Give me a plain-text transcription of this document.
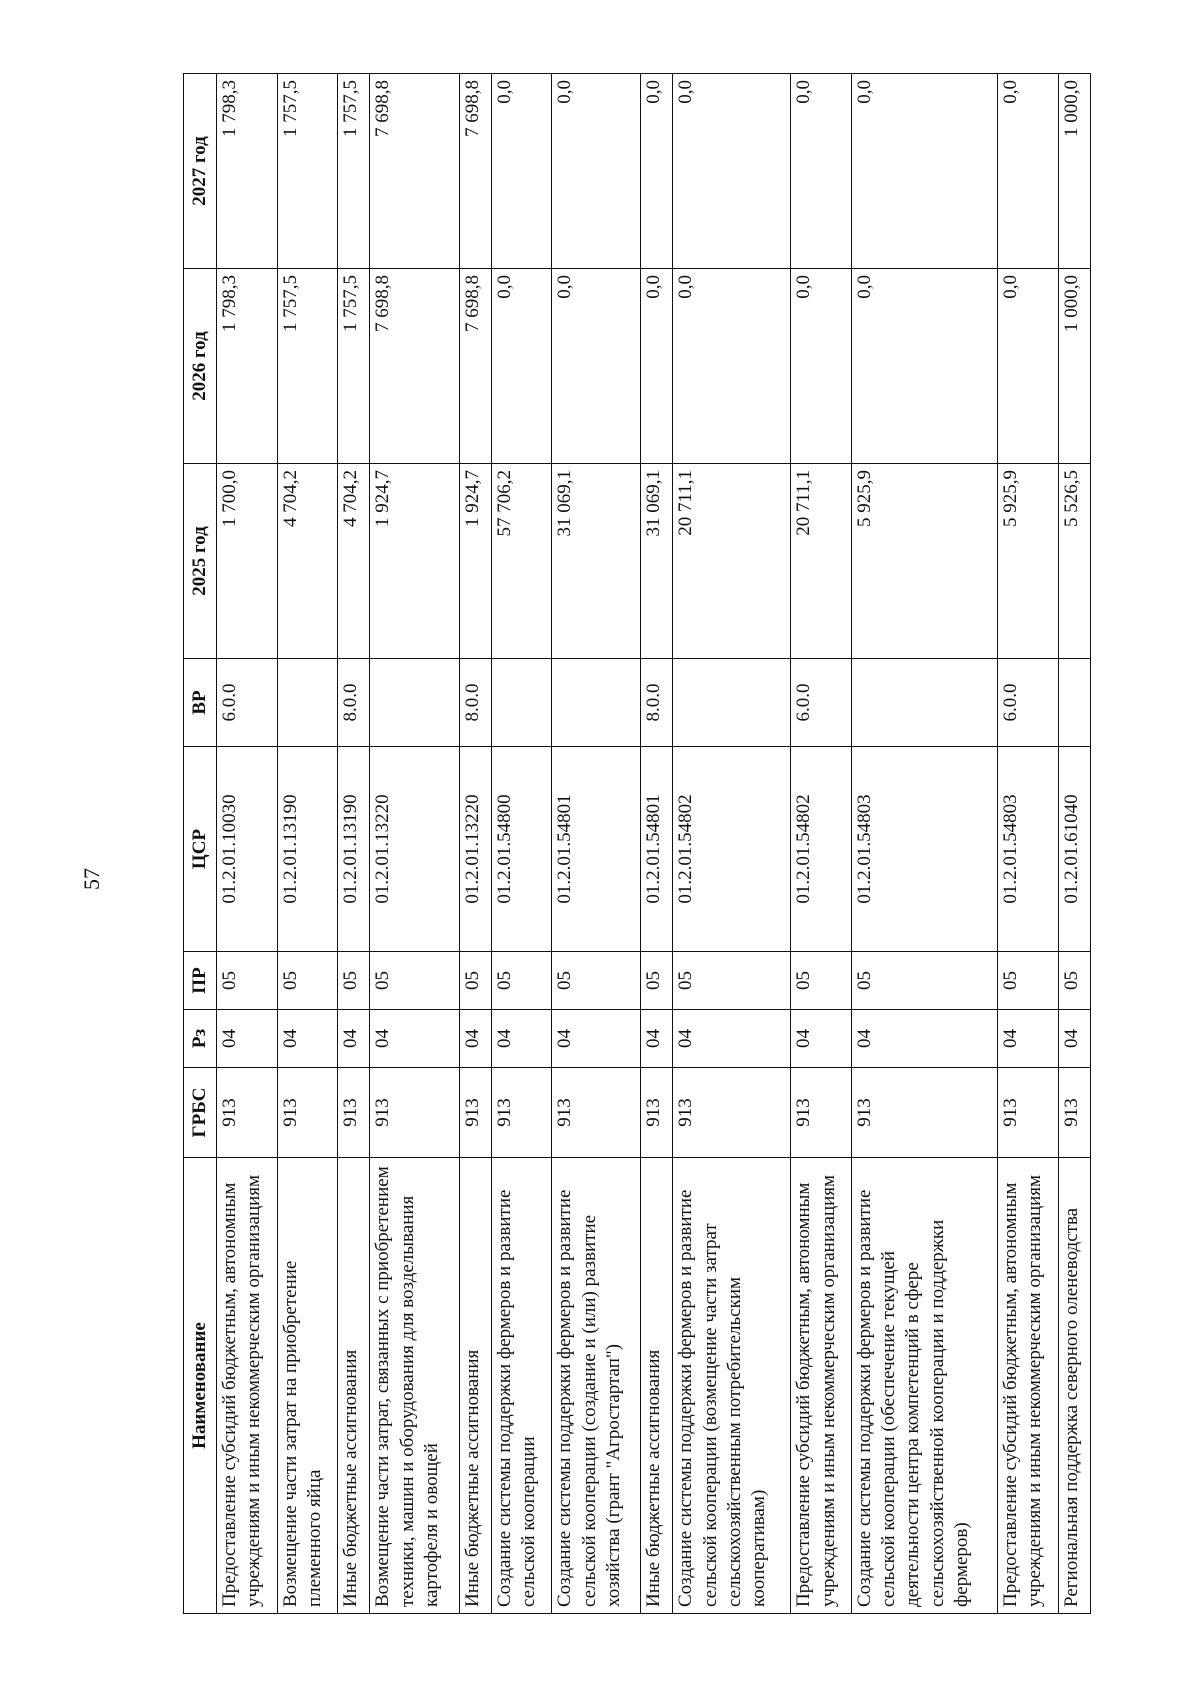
57
Наименование	ГРБС	Рз	ПР	ЦСР	ВР	2025 год	2026 год	2027 год
Предоставление субсидий бюджетным, автономным учреждениям и иным некоммерческим организациям	913	04	05	01.2.01.10030	6.0.0	1 700,0	1 798,3	1 798,3
Возмещение части затрат на приобретение племенного яйца	913	04	05	01.2.01.13190		4 704,2	1 757,5	1 757,5
Иные бюджетные ассигнования	913	04	05	01.2.01.13190	8.0.0	4 704,2	1 757,5	1 757,5
Возмещение части затрат, связанных с приобретением техники, машин и оборудования для возделывания картофеля и овощей	913	04	05	01.2.01.13220		1 924,7	7 698,8	7 698,8
Иные бюджетные ассигнования	913	04	05	01.2.01.13220	8.0.0	1 924,7	7 698,8	7 698,8
Создание системы поддержки фермеров и развитие сельской кооперации	913	04	05	01.2.01.54800		57 706,2	0,0	0,0
Создание системы поддержки фермеров и развитие сельской кооперации (создание и (или) развитие хозяйства (грант "Агростартап")	913	04	05	01.2.01.54801		31 069,1	0,0	0,0
Иные бюджетные ассигнования	913	04	05	01.2.01.54801	8.0.0	31 069,1	0,0	0,0
Создание системы поддержки фермеров и развитие сельской кооперации (возмещение части затрат сельскохозяйственным потребительским кооперативам)	913	04	05	01.2.01.54802		20 711,1	0,0	0,0
Предоставление субсидий бюджетным, автономным учреждениям и иным некоммерческим организациям	913	04	05	01.2.01.54802	6.0.0	20 711,1	0,0	0,0
Создание системы поддержки фермеров и развитие сельской кооперации (обеспечение текущей деятельности центра компетенций в сфере сельскохозяйственной кооперации и поддержки фермеров)	913	04	05	01.2.01.54803		5 925,9	0,0	0,0
Предоставление субсидий бюджетным, автономным учреждениям и иным некоммерческим организациям	913	04	05	01.2.01.54803	6.0.0	5 925,9	0,0	0,0
Региональная поддержка северного оленеводства	913	04	05	01.2.01.61040		5 526,5	1 000,0	1 000,0
